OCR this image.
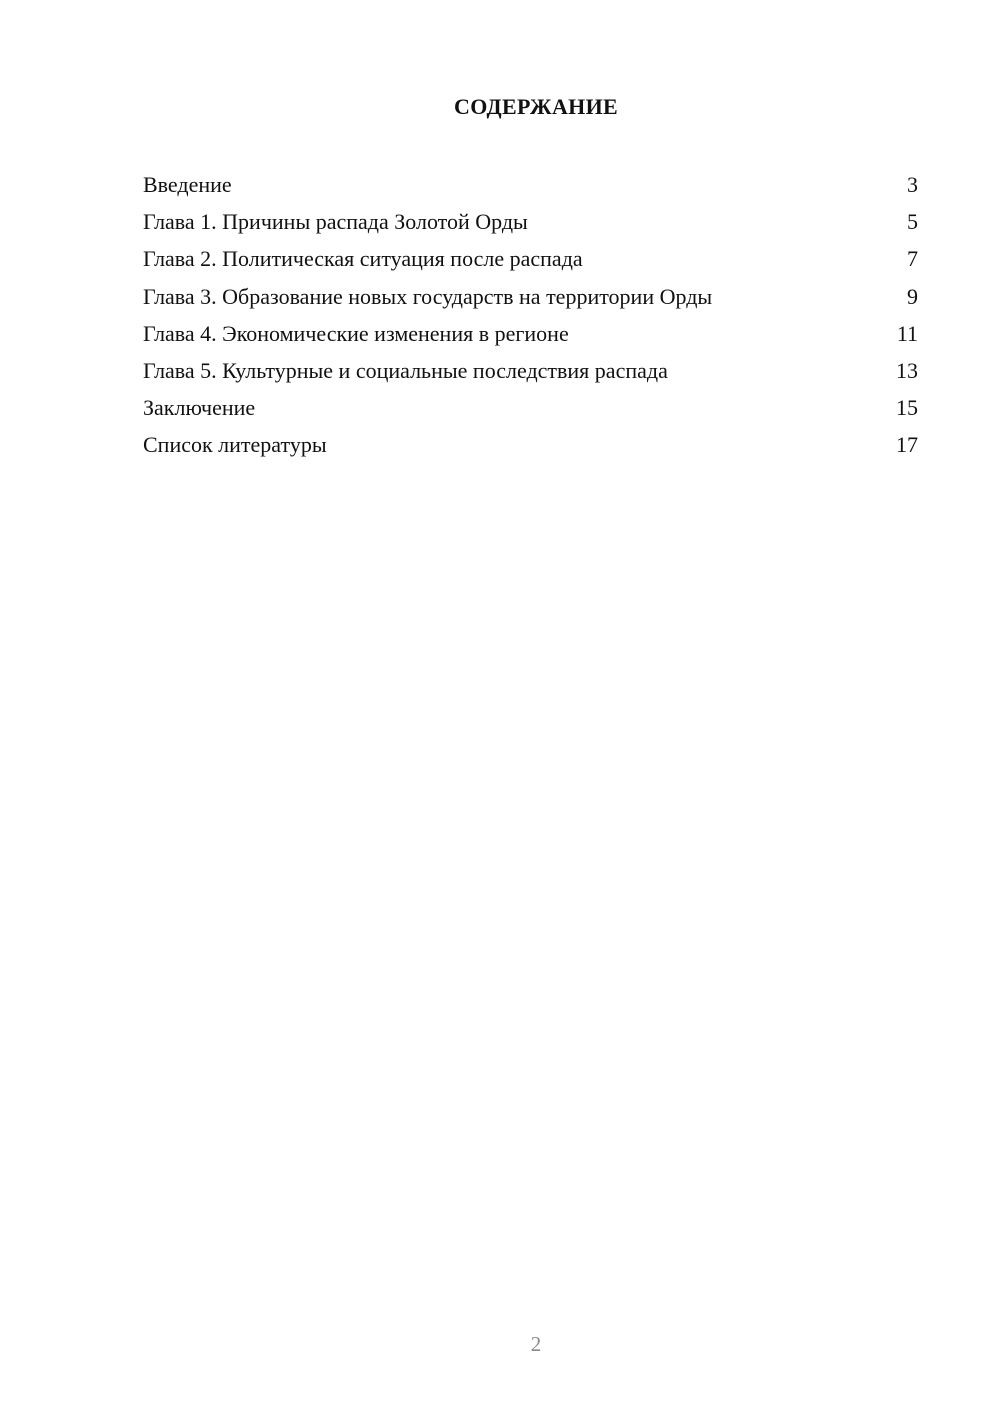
СОДЕРЖАНИЕ
Введение	3
Глава 1. Причины распада Золотой Орды	5
Глава 2. Политическая ситуация после распада	7
Глава 3. Образование новых государств на территории Орды	9
Глава 4. Экономические изменения в регионе	11
Глава 5. Культурные и социальные последствия распада	13
Заключение	15
Список литературы	17
2
